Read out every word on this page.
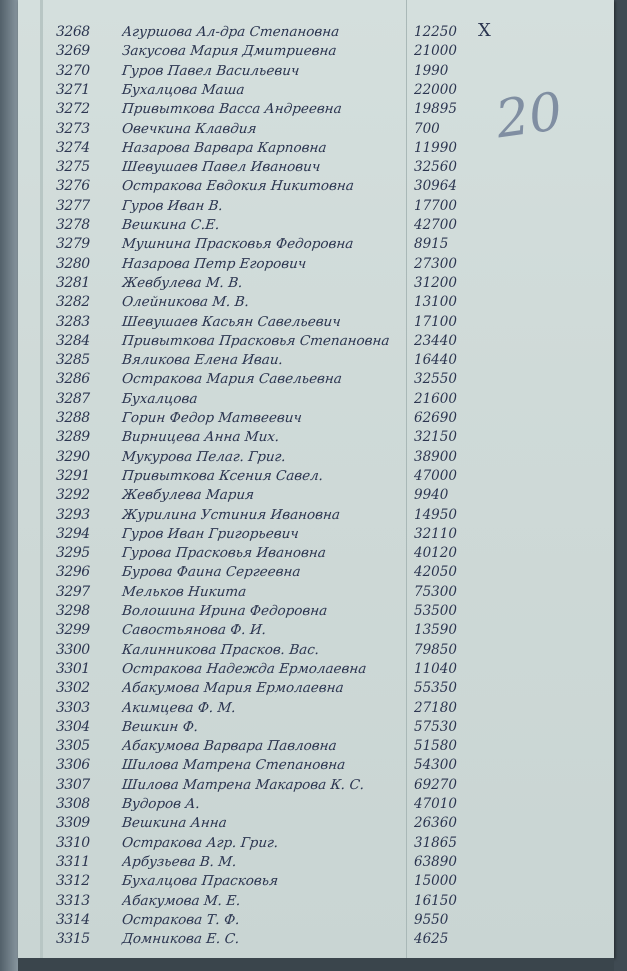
20
X
3268	Агуршова Ал-дра Степановна	12250
3269	Закусова Мария Дмитриевна	21000
3270	Гуров Павел Васильевич	1990
3271	Бухалцова Маша	22000
3272	Привыткова Васса Андреевна	19895
3273	Овечкина Клавдия	700
3274	Назарова Варвара Карповна	11990
3275	Шевушаев Павел Иванович	32560
3276	Остракова Евдокия Никитовна	30964
3277	Гуров Иван В.	17700
3278	Вешкина С.Е.	42700
3279	Мушнина Прасковья Федоровна	8915
3280	Назарова Петр Егорович	27300
3281	Жевбулева М. В.	31200
3282	Олейникова М. В.	13100
3283	Шевушаев Касьян Савельевич	17100
3284	Привыткова Прасковья Степановна	23440
3285	Вяликова Елена Иваи.	16440
3286	Остракова Мария Савельевна	32550
3287	Бухалцова	21600
3288	Горин Федор Матвеевич	62690
3289	Вирницева Анна Мих.	32150
3290	Мукурова Пелаг. Григ.	38900
3291	Привыткова Ксения Савел.	47000
3292	Жевбулева Мария	9940
3293	Журилина Устиния Ивановна	14950
3294	Гуров Иван Григорьевич	32110
3295	Гурова Прасковья Ивановна	40120
3296	Бурова Фаина Сергеевна	42050
3297	Мельков Никита	75300
3298	Волошина Ирина Федоровна	53500
3299	Савостьянова Ф. И.	13590
3300	Калинникова Прасков. Вас.	79850
3301	Остракова Надежда Ермолаевна	11040
3302	Абакумова Мария Ермолаевна	55350
3303	Акимцева Ф. М.	27180
3304	Вешкин Ф.	57530
3305	Абакумова Варвара Павловна	51580
3306	Шилова Матрена Степановна	54300
3307	Шилова Матрена Макарова К. С.	69270
3308	Вудоров А.	47010
3309	Вешкина Анна	26360
3310	Остракова Агр. Григ.	31865
3311	Арбузьева В. М.	63890
3312	Бухалцова Прасковья	15000
3313	Абакумова М. Е.	16150
3314	Остракова Т. Ф.	9550
3315	Домникова Е. С.	4625
